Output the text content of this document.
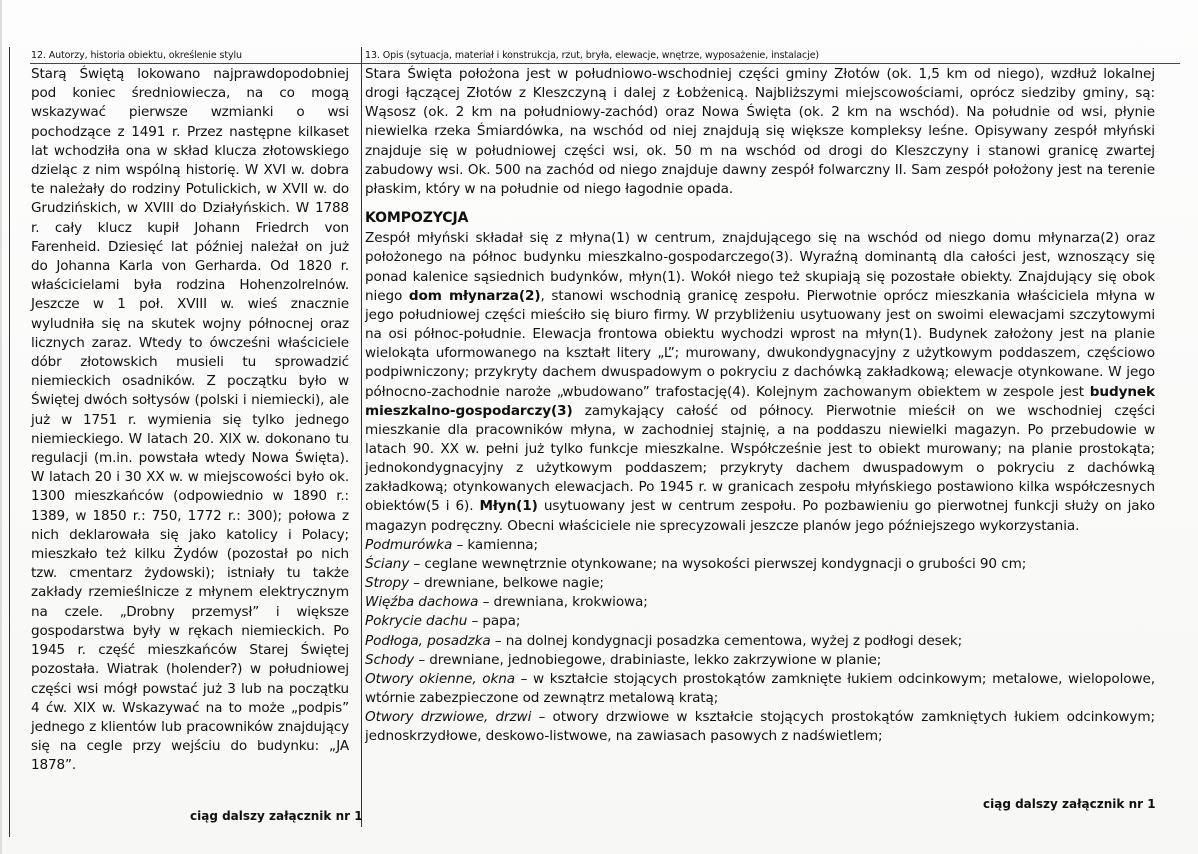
12. Autorzy, historia obiektu, określenie stylu

Starą Świętą lokowano najprawdopodobniej pod koniec średniowiecza, na co mogą wskazywać pierwsze wzmianki o wsi pochodzące z 1491 r. Przez następne kilkaset lat wchodziła ona w skład klucza złotowskiego dzieląc z nim wspólną historię. W XVI w. dobra te należały do rodziny Potulickich, w XVII w. do Grudzińskich, w XVIII do Działyńskich. W 1788 r. cały klucz kupił Johann Friedrch von Farenheid. Dziesięć lat później należał on już do Johanna Karla von Gerharda. Od 1820 r. właścicielami była rodzina Hohenzolrelnów. Jeszcze w 1 poł. XVIII w. wieś znacznie wyludniła się na skutek wojny północnej oraz licznych zaraz. Wtedy to ówcześni właściciele dóbr złotowskich musieli tu sprowadzić niemieckich osadników. Z początku było w Świętej dwóch sołtysów (polski i niemiecki), ale już w 1751 r. wymienia się tylko jednego niemieckiego. W latach 20. XIX w. dokonano tu regulacji (m.in. powstała wtedy Nowa Święta). W latach 20 i 30 XX w. w miejscowości było ok. 1300 mieszkańców (odpowiednio w 1890 r.: 1389, w 1850 r.: 750, 1772 r.: 300); połowa z nich deklarowała się jako katolicy i Polacy; mieszkało też kilku Żydów (pozostał po nich tzw. cmentarz żydowski); istniały tu także zakłady rzemieślnicze z młynem elektrycznym na czele. „Drobny przemysł” i większe gospodarstwa były w rękach niemieckich. Po 1945 r. część mieszkańców Starej Świętej pozostała. Wiatrak (holender?) w południowej części wsi mógł powstać już 3 lub na początku 4 ćw. XIX w. Wskazywać na to może „podpis” jednego z klientów lub pracowników znajdujący się na cegle przy wejściu do budynku: „JA 1878”.

ciąg dalszy załącznik nr 1
13. Opis (sytuacja, materiał i konstrukcja, rzut, bryła, elewacje, wnętrze, wyposażenie, instalacje)

Stara Święta położona jest w południowo-wschodniej części gminy Złotów (ok. 1,5 km od niego), wzdłuż lokalnej drogi łączącej Złotów z Kleszczyną i dalej z Łobżenicą. Najbliższymi miejscowościami, oprócz siedziby gminy, są: Wąsosz (ok. 2 km na południowy-zachód) oraz Nowa Święta (ok. 2 km na wschód). Na południe od wsi, płynie niewielka rzeka Śmiardówka, na wschód od niej znajdują się większe kompleksy leśne. Opisywany zespół młyński znajduje się w południowej części wsi, ok. 50 m na wschód od drogi do Kleszczyny i stanowi granicę zwartej zabudowy wsi. Ok. 500 na zachód od niego znajduje dawny zespół folwarczny II. Sam zespół położony jest na terenie płaskim, który w na południe od niego łagodnie opada.

KOMPOZYCJA

Zespół młyński składał się z młyna(1) w centrum, znajdującego się na wschód od niego domu młynarza(2) oraz położonego na północ budynku mieszkalno-gospodarczego(3). Wyraźną dominantą dla całości jest, wznoszący się ponad kalenice sąsiednich budynków, młyn(1). Wokół niego też skupiają się pozostałe obiekty. Znajdujący się obok niego dom młynarza(2), stanowi wschodnią granicę zespołu. Pierwotnie oprócz mieszkania właściciela młyna w jego południowej części mieściło się biuro firmy. W przybliżeniu usytuowany jest on swoimi elewacjami szczytowymi na osi północ-południe. Elewacja frontowa obiektu wychodzi wprost na młyn(1). Budynek założony jest na planie wielokąta uformowanego na kształt litery „L”; murowany, dwukondygnacyjny z użytkowym poddaszem, częściowo podpiwniczony; przykryty dachem dwuspadowym o pokryciu z dachówką zakładkową; elewacje otynkowane. W jego północno-zachodnie naroże „wbudowano” trafostację(4). Kolejnym zachowanym obiektem w zespole jest budynek mieszkalno-gospodarczy(3) zamykający całość od północy. Pierwotnie mieścił on we wschodniej części mieszkanie dla pracowników młyna, w zachodniej stajnię, a na poddaszu niewielki magazyn. Po przebudowie w latach 90. XX w. pełni już tylko funkcje mieszkalne. Współcześnie jest to obiekt murowany; na planie prostokąta; jednokondygnacyjny z użytkowym poddaszem; przykryty dachem dwuspadowym o pokryciu z dachówką zakładkową; otynkowanych elewacjach. Po 1945 r. w granicach zespołu młyńskiego postawiono kilka współczesnych obiektów(5 i 6). Młyn(1) usytuowany jest w centrum zespołu. Po pozbawieniu go pierwotnej funkcji służy on jako magazyn podręczny. Obecni właściciele nie sprecyzowali jeszcze planów jego późniejszego wykorzystania.

Podmurówka – kamienna;

Ściany – ceglane wewnętrznie otynkowane; na wysokości pierwszej kondygnacji o grubości 90 cm;

Stropy – drewniane, belkowe nagie;

Więźba dachowa – drewniana, krokwiowa;

Pokrycie dachu – papa;

Podłoga, posadzka – na dolnej kondygnacji posadzka cementowa, wyżej z podłogi desek;

Schody – drewniane, jednobiegowe, drabiniaste, lekko zakrzywione w planie;

Otwory okienne, okna – w kształcie stojących prostokątów zamknięte łukiem odcinkowym; metalowe, wielopolowe, wtórnie zabezpieczone od zewnątrz metalową kratą;

Otwory drzwiowe, drzwi – otwory drzwiowe w kształcie stojących prostokątów zamkniętych łukiem odcinkowym; jednoskrzydłowe, deskowo-listwowe, na zawiasach pasowych z nadświetlem;

ciąg dalszy załącznik nr 1
